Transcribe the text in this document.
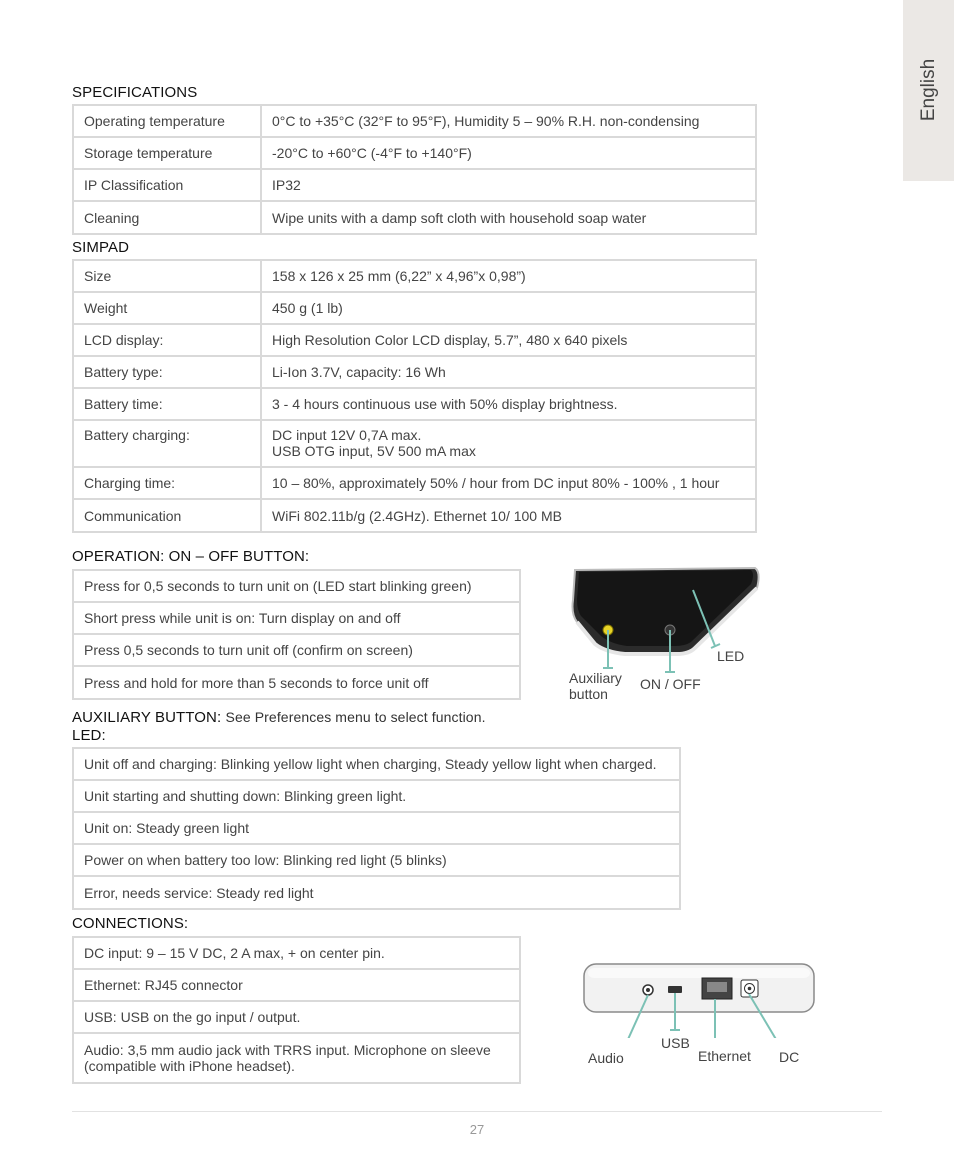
English
SPECIFICATIONS
Operating temperature	0°C to +35°C (32°F to 95°F), Humidity 5 – 90% R.H. non-condensing
Storage temperature	-20°C to +60°C (-4°F to +140°F)
IP Classification	IP32
Cleaning	Wipe units with a damp soft cloth with household soap water
SIMPAD
Size	158 x 126 x 25 mm (6,22” x 4,96”x 0,98”)
Weight	450 g (1 lb)
LCD display:	High Resolution Color LCD display, 5.7”, 480 x 640 pixels
Battery type:	Li-Ion 3.7V, capacity: 16 Wh
Battery time:	3 - 4 hours continuous use with 50% display brightness.
Battery charging:	DC input 12V 0,7A max.
USB OTG input, 5V 500 mA max

Charging time:	10 – 80%, approximately 50% / hour from DC input 80% - 100% , 1 hour
Communication	WiFi 802.11b/g (2.4GHz). Ethernet 10/ 100 MB
OPERATION: ON – OFF BUTTON:
Press for 0,5 seconds to turn unit on (LED start blinking green)
Short press while unit is on: Turn display on and off
Press 0,5 seconds to turn unit off (confirm on screen)
Press and hold for more than 5 seconds to force unit off	Auxiliary
button
ON / OFF
LED
AUXILIARY BUTTON: See Preferences menu to select function.
LED:
Unit off and charging: Blinking yellow light when charging, Steady yellow light when charged.
Unit starting and shutting down: Blinking green light.
Unit on: Steady green light
Power on when battery too low: Blinking red light (5 blinks)
Error, needs service: Steady red light
CONNECTIONS:
DC input: 9 – 15 V DC, 2 A max, + on center pin.
Ethernet: RJ45 connector
USB: USB on the go input / output.

Audio: 3,5 mm audio jack with TRRS input. Microphone on sleeve
(compatible with iPhone headset).	Audio
USB
Ethernet DC
27
